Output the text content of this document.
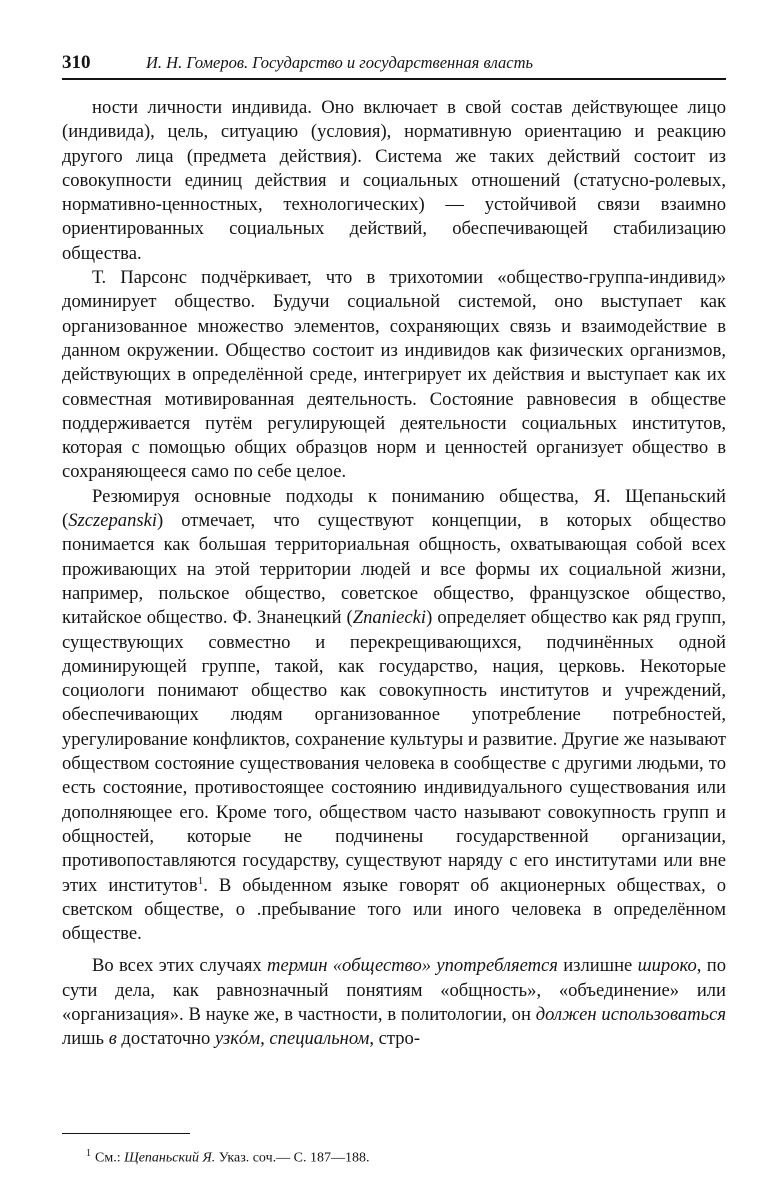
310	И. Н. Гомеров. Государство и государственная власть

ности личности индивида. Оно включает в свой состав действующее лицо (индивида), цель, ситуацию (условия), нормативную ориентацию и реакцию другого лица (предмета действия). Система же таких действий состоит из совокупности единиц действия и социальных отношений (статусно-ролевых, нормативно-ценностных, технологических) — устойчивой связи взаимно ориентированных социальных действий, обеспечивающей стабилизацию общества.

Т. Парсонс подчёркивает, что в трихотомии «общество-группа-индивид» доминирует общество. Будучи социальной системой, оно выступает как организованное множество элементов, сохраняющих связь и взаимодействие в данном окружении. Общество состоит из индивидов как физических организмов, действующих в определённой среде, интегрирует их действия и выступает как их совместная мотивированная деятельность. Состояние равновесия в обществе поддерживается путём регулирующей деятельности социальных институтов, которая с помощью общих образцов норм и ценностей организует общество в сохраняющееся само по себе целое.

Резюмируя основные подходы к пониманию общества, Я. Щепаньский (Szczepanski) отмечает, что существуют концепции, в которых общество понимается как большая территориальная общность, охватывающая собой всех проживающих на этой территории людей и все формы их социальной жизни, например, польское общество, советское общество, французское общество, китайское общество. Ф. Знанецкий (Znaniecki) определяет общество как ряд групп, существующих совместно и перекрещивающихся, подчинённых одной доминирующей группе, такой, как государство, нация, церковь. Некоторые социологи понимают общество как совокупность институтов и учреждений, обеспечивающих людям организованное употребление потребностей, урегулирование конфликтов, сохранение культуры и развитие. Другие же называют обществом состояние существования человека в сообществе с другими людьми, то есть состояние, противостоящее состоянию индивидуального существования или дополняющее его. Кроме того, обществом часто называют совокупность групп и общностей, которые не подчинены государственной организации, противопоставляются государству, существуют наряду с его институтами или вне этих институтов$^1$. В обыденном языке говорят об акционерных обществах, о светском обществе, о .пребывание того или иного человека в определённом обществе.

Во всех этих случаях термин «общество» употребляется излишне широко, по сути дела, как равнозначный понятиям «общность», «объединение» или «организация». В науке же, в частности, в политологии, он должен использоваться лишь в достаточно узкóм, специальном, стро-

$^1$ См.: Щепаньский Я. Указ. соч.— С. 187—188.
